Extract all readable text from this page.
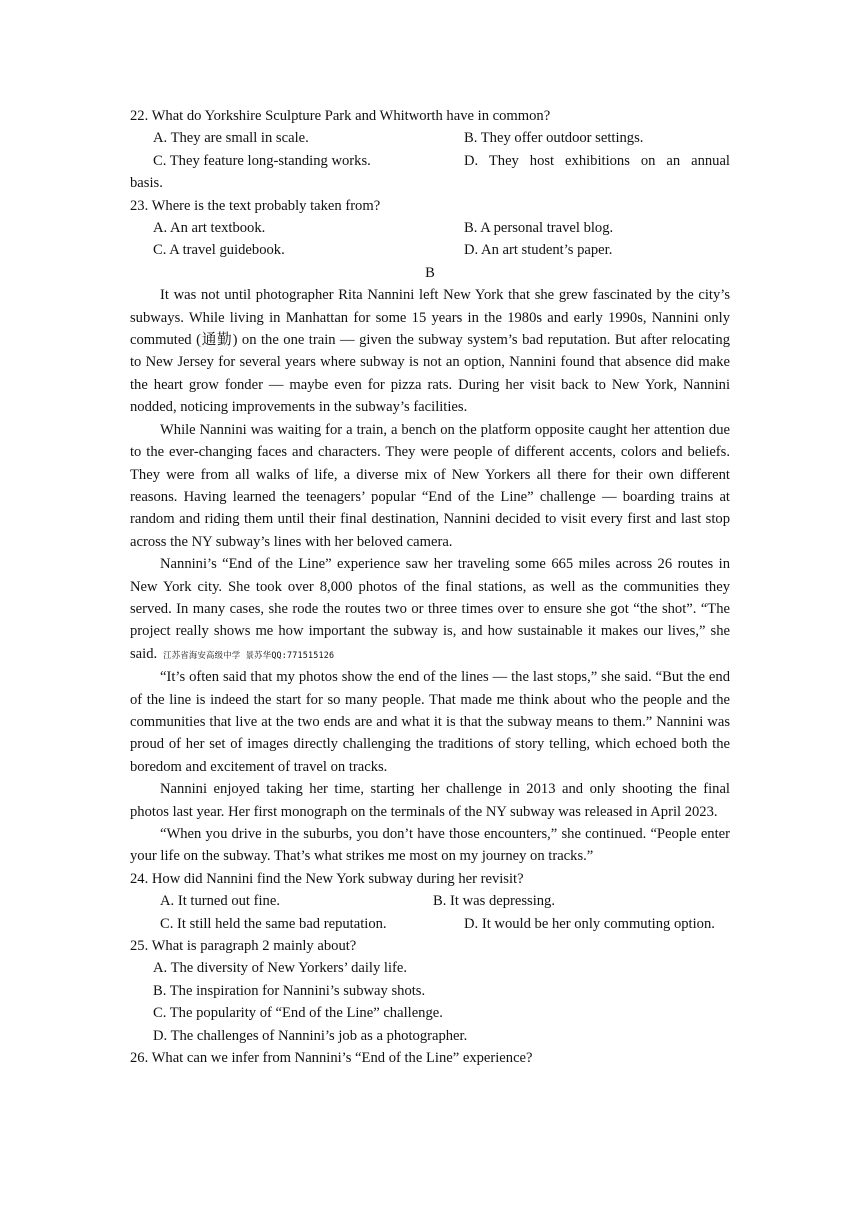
22. What do Yorkshire Sculpture Park and Whitworth have in common?

A. They are small in scale.	B. They offer outdoor settings.
C. They feature long-standing works.	D. They host exhibitions on an annual

basis.

23. Where is the text probably taken from?

A. An art textbook.	B. A personal travel blog.
C. A travel guidebook.	D. An art student’s paper.

B

It was not until photographer Rita Nannini left New York that she grew fascinated by the city’s subways. While living in Manhattan for some 15 years in the 1980s and early 1990s, Nannini only commuted (通勤) on the one train — given the subway system’s bad reputation. But after relocating to New Jersey for several years where subway is not an option, Nannini found that absence did make the heart grow fonder — maybe even for pizza rats. During her visit back to New York, Nannini nodded, noticing improvements in the subway’s facilities.

While Nannini was waiting for a train, a bench on the platform opposite caught her attention due to the ever-changing faces and characters. They were people of different accents, colors and beliefs. They were from all walks of life, a diverse mix of New Yorkers all there for their own different reasons. Having learned the teenagers’ popular “End of the Line” challenge — boarding trains at random and riding them until their final destination, Nannini decided to visit every first and last stop across the NY subway’s lines with her beloved camera.

Nannini’s “End of the Line” experience saw her traveling some 665 miles across 26 routes in New York city. She took over 8,000 photos of the final stations, as well as the communities they served. In many cases, she rode the routes two or three times over to ensure she got “the shot”. “The project really shows me how important the subway is, and how sustainable it makes our lives,” she said. 江苏省海安高级中学 景苏华QQ:771515126

“It’s often said that my photos show the end of the lines — the last stops,” she said. “But the end of the line is indeed the start for so many people. That made me think about who the people and the communities that live at the two ends are and what it is that the subway means to them.” Nannini was proud of her set of images directly challenging the traditions of story telling, which echoed both the boredom and excitement of travel on tracks.

Nannini enjoyed taking her time, starting her challenge in 2013 and only shooting the final photos last year. Her first monograph on the terminals of the NY subway was released in April 2023.

“When you drive in the suburbs, you don’t have those encounters,” she continued. “People enter your life on the subway. That’s what strikes me most on my journey on tracks.”

24. How did Nannini find the New York subway during her revisit?

A. It turned out fine.	B. It was depressing.
C. It still held the same bad reputation.	D. It would be her only commuting option.

25. What is paragraph 2 mainly about?

A. The diversity of New Yorkers’ daily life.

B. The inspiration for Nannini’s subway shots.

C. The popularity of “End of the Line” challenge.

D. The challenges of Nannini’s job as a photographer.

26. What can we infer from Nannini’s “End of the Line” experience?
